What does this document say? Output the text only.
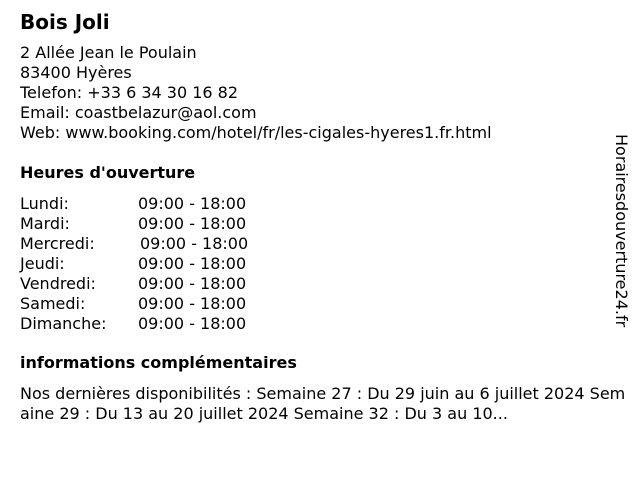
Bois Joli
2 Allée Jean le Poulain
83400 Hyères
Telefon: +33 6 34 30 16 82
Email: coastbelazur@aol.com
Web: www.booking.com/hotel/fr/les-cigales-hyeres1.fr.html
Heures d'ouverture
Lundi:	09:00 - 18:00
Mardi:	09:00 - 18:00
Mercredi:	09:00 - 18:00
Jeudi:	09:00 - 18:00
Vendredi:	09:00 - 18:00
Samedi:	09:00 - 18:00
Dimanche:	09:00 - 18:00
informations complémentaires
Nos dernières disponibilités : Semaine 27 : Du 29 juin au 6 juillet 2024 Semaine 29 : Du 13 au 20 juillet 2024 Semaine 32 : Du 3 au 10...
Horairesdouverture24.fr
